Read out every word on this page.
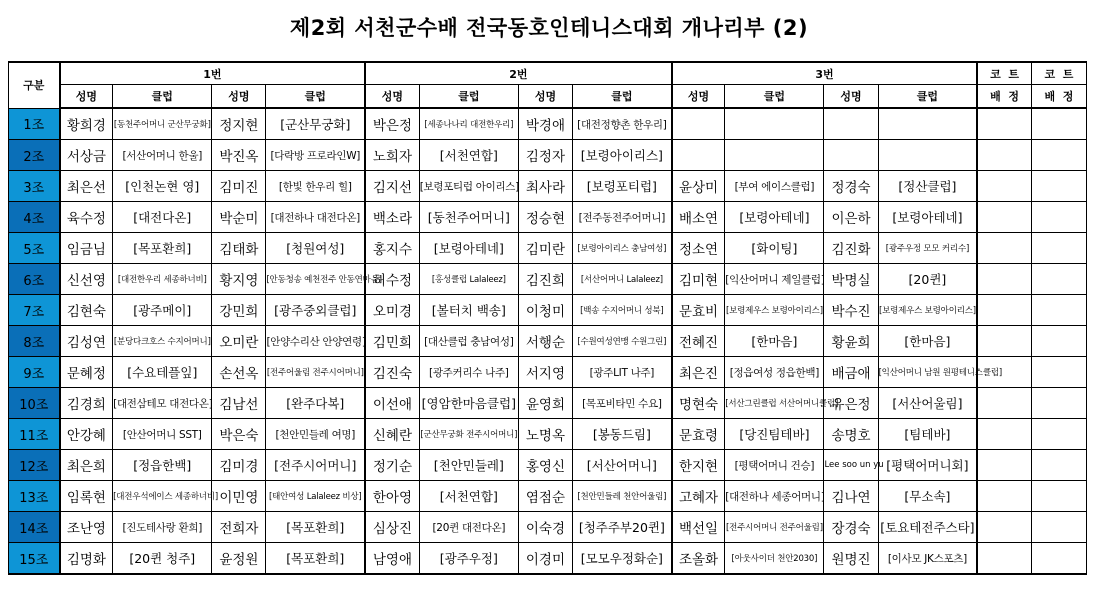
제2회 서천군수배 전국동호인테니스대회 개나리부 (2)
구분	1번				2번				3번				코  트	코  트
	성명	클럽	성명	클럽	성명	클럽	성명	클럽	성명	클럽	성명	클럽	배  정	배  정
1조	황희경	[동천주어머니 군산무궁화]	정지현	[군산무궁화]	박은정	[세종나나리 대전한우리]	박경애	[대전정향촌 한우리]						
2조	서상금	[서산어머니 한울]	박진옥	[다락방 프로라인W]	노희자	[서천연합]	김정자	[보령아이리스]						
3조	최은선	[인천논현 영]	김미진	[한빛 한우리 힐]	김지선	[보령포티럽 아이리스]	최사라	[보령포티럽]	윤상미	[부여 에이스클럽]	정경숙	[정산클럽]		
4조	육수정	[대전다온]	박순미	[대전하나 대전다온]	백소라	[동천주어머니]	정승현	[전주동전주어머니]	배소연	[보령아테네]	이은하	[보령아테네]		
5조	임금님	[목포환희]	김태화	[청원여성]	홍지수	[보령아테네]	김미란	[보령아이리스 충남여성]	정소연	[화이팅]	김진화	[광주우정 모모 커리수]		
6조	신선영	[대전한우리 세종하너비]	황지영	[안동청송 예천전주 안동연마음]	허수정	[홍성클럽 Lalaleez]	김진희	[서산어머니 Lalaleez]	김미현	[익산어머니 제일클럽]	박명실	[20퀸]		
7조	김현숙	[광주메이]	강민희	[광주중외클럽]	오미경	[볼터치 백송]	이청미	[백송 수지어머니 성북]	문효비	[보령제우스 보령아이리스]	박수진	[보령제우스 보령아이리스]		
8조	김성연	[분당다크호스 수지어머니]	오미란	[안양수리산 안양연령]	김민희	[대산클럽 충남여성]	서행순	[수원여성연맹 수원그린]	전혜진	[한마음]	황윤희	[한마음]		
9조	문혜정	[수요테플잎]	손선옥	[전주어울림 전주시어머니]	김진숙	[광주커리수 나주]	서지영	[광주LIT 나주]	최은진	[정읍여성 정읍한백]	배금애	[익산어머니 남원 원평테니스클럽]		
10조	김경희	[대전삼테모 대전다온]	김남선	[완주다복]	이선애	[영암한마음클럽]	윤영희	[목포비타민 수요]	명현숙	[서산그린클럽 서산어머니클럽]	유은정	[서산어울림]		
11조	안강혜	[안산어머니 SST]	박은숙	[천안민들레 여명]	신혜란	[군산무궁화 전주시어머니]	노명옥	[봉동드림]	문효령	[당진팀테바]	송명호	[팀테바]		
12조	최은희	[정읍한백]	김미경	[전주시어머니]	정기순	[천안민들레]	홍영신	[서산어머니]	한지현	[평택어머니 건승]	Lee soo un yu	[평택어머니회]		
13조	임록현	[대전우석에이스 세종하너비]	이민영	[태안여성 Lalaleez 비상]	한아영	[서천연합]	염점순	[천안민들레 천안어울림]	고혜자	[대전하나 세종어머니]	김나연	[무소속]		
14조	조난영	[진도테사랑 환희]	전희자	[목포환희]	심상진	[20퀸 대전다온]	이숙경	[청주주부20퀸]	백선일	[전주시어머니 전주어울림]	장경숙	[토요테전주스타]		
15조	김명화	[20퀸 청주]	윤정원	[목포환희]	남영애	[광주우정]	이경미	[모모우정화순]	조올화	[아웃사이더 천안2030]	원명진	[이사모 JK스포츠]		
